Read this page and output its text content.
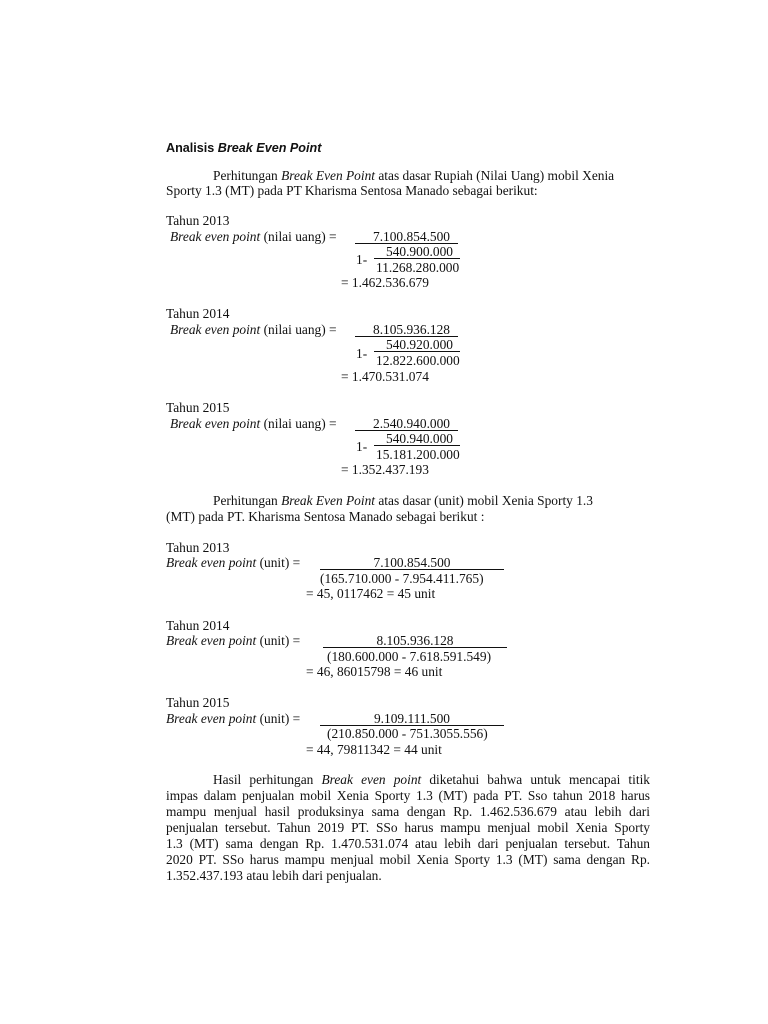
Analisis Break Even Point
Perhitungan Break Even Point atas dasar Rupiah (Nilai Uang) mobil Xenia
Sporty 1.3 (MT) pada PT Kharisma Sentosa Manado sebagai berikut:
Tahun 2013
Break even point (nilai uang) =	7.100.854.500
540.900.000
1-
11.268.280.000
= 1.462.536.679
Tahun 2014
Break even point (nilai uang) =	8.105.936.128
540.920.000
1- 12.822.600.000
= 1.470.531.074
Tahun 2015
Break even point (nilai uang) =	2.540.940.000
540.940.000
1-
15.181.200.000
= 1.352.437.193
Perhitungan Break Even Point atas dasar (unit) mobil Xenia Sporty 1.3
(MT) pada PT. Kharisma Sentosa Manado sebagai berikut :
Tahun 2013
Break even point (unit) =	7.100.854.500
(165.710.000 - 7.954.411.765)
= 45, 0117462 = 45 unit
Tahun 2014
Break even point (unit) =	8.105.936.128
(180.600.000 - 7.618.591.549)
= 46, 86015798 = 46 unit
Tahun 2015
Break even point (unit) =	9.109.111.500
(210.850.000 - 751.3055.556)
= 44, 79811342 = 44 unit
Hasil perhitungan Break even point diketahui bahwa untuk mencapai titik
impas dalam penjualan mobil Xenia Sporty 1.3 (MT) pada PT. Sso tahun 2018 harus
mampu menjual hasil produksinya sama dengan Rp. 1.462.536.679 atau lebih dari
penjualan tersebut. Tahun 2019 PT. SSo harus mampu menjual mobil Xenia Sporty
1.3 (MT) sama dengan Rp. 1.470.531.074 atau lebih dari penjualan tersebut. Tahun
2020 PT. SSo harus mampu menjual mobil Xenia Sporty 1.3 (MT) sama dengan Rp.
1.352.437.193 atau lebih dari penjualan.
